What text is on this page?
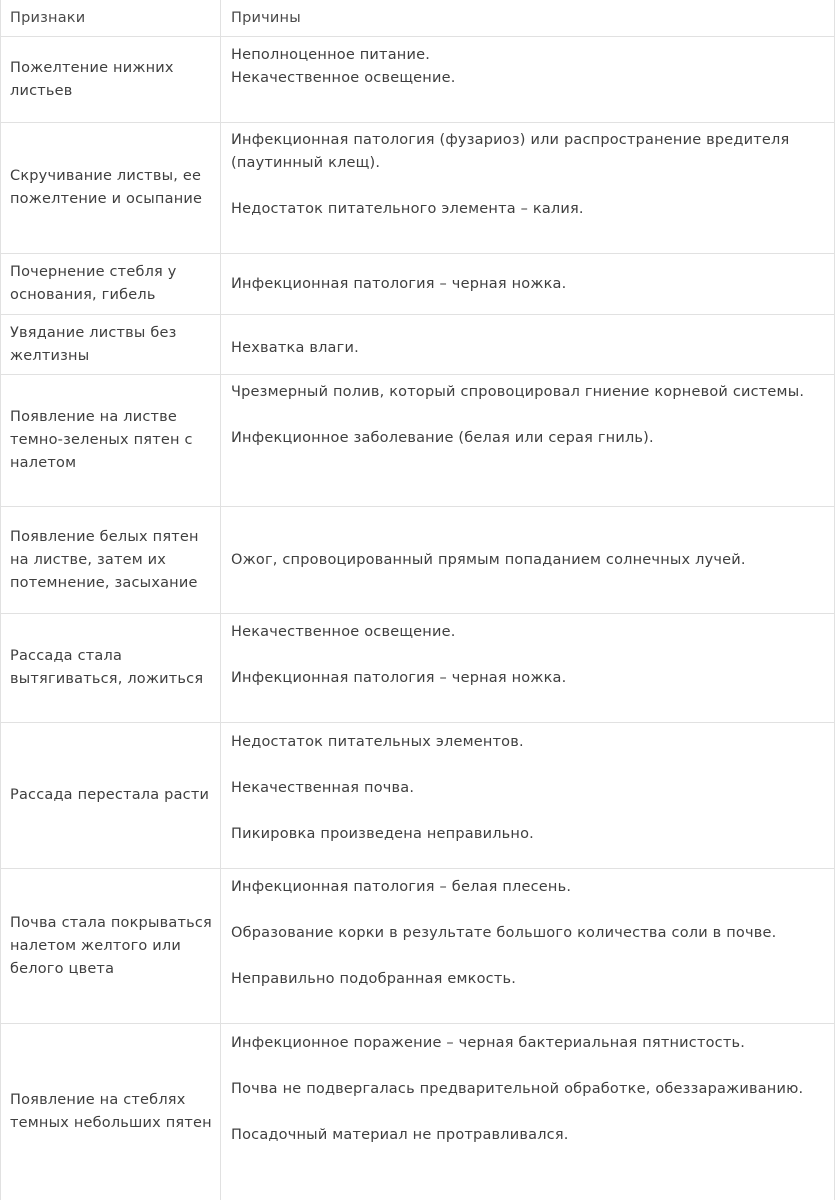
Признаки	Причины
Пожелтение нижних листьев

Неполноценное питание.

Некачественное освещение.

Скручивание листвы, ее пожелтение и осыпание

Инфекционная патология (фузариоз) или распространение вредителя (паутинный клещ).

Недостаток питательного элемента – калия.

Почернение стебля у основания, гибель

Инфекционная патология – черная ножка.

Увядание листвы без желтизны	Нехватка влаги.

Появление на листве темно-зеленых пятен с налетом

Чрезмерный полив, который спровоцировал гниение корневой системы.

Инфекционное заболевание (белая или серая гниль).

Появление белых пятен на листве, затем их потемнение, засыхание

Ожог, спровоцированный прямым попаданием солнечных лучей.

Рассада стала вытягиваться, ложиться

Некачественное освещение.

Инфекционная патология – черная ножка.

Рассада перестала расти

Недостаток питательных элементов.

Некачественная почва.

Пикировка произведена неправильно.

Почва стала покрываться налетом желтого или белого цвета

Инфекционная патология – белая плесень.

Образование корки в результате большого количества соли в почве.

Неправильно подобранная емкость.

Появление на стеблях темных небольших пятен

Инфекционное поражение – черная бактериальная пятнистость.

Почва не подвергалась предварительной обработке, обеззараживанию.

Посадочный материал не протравливался.
